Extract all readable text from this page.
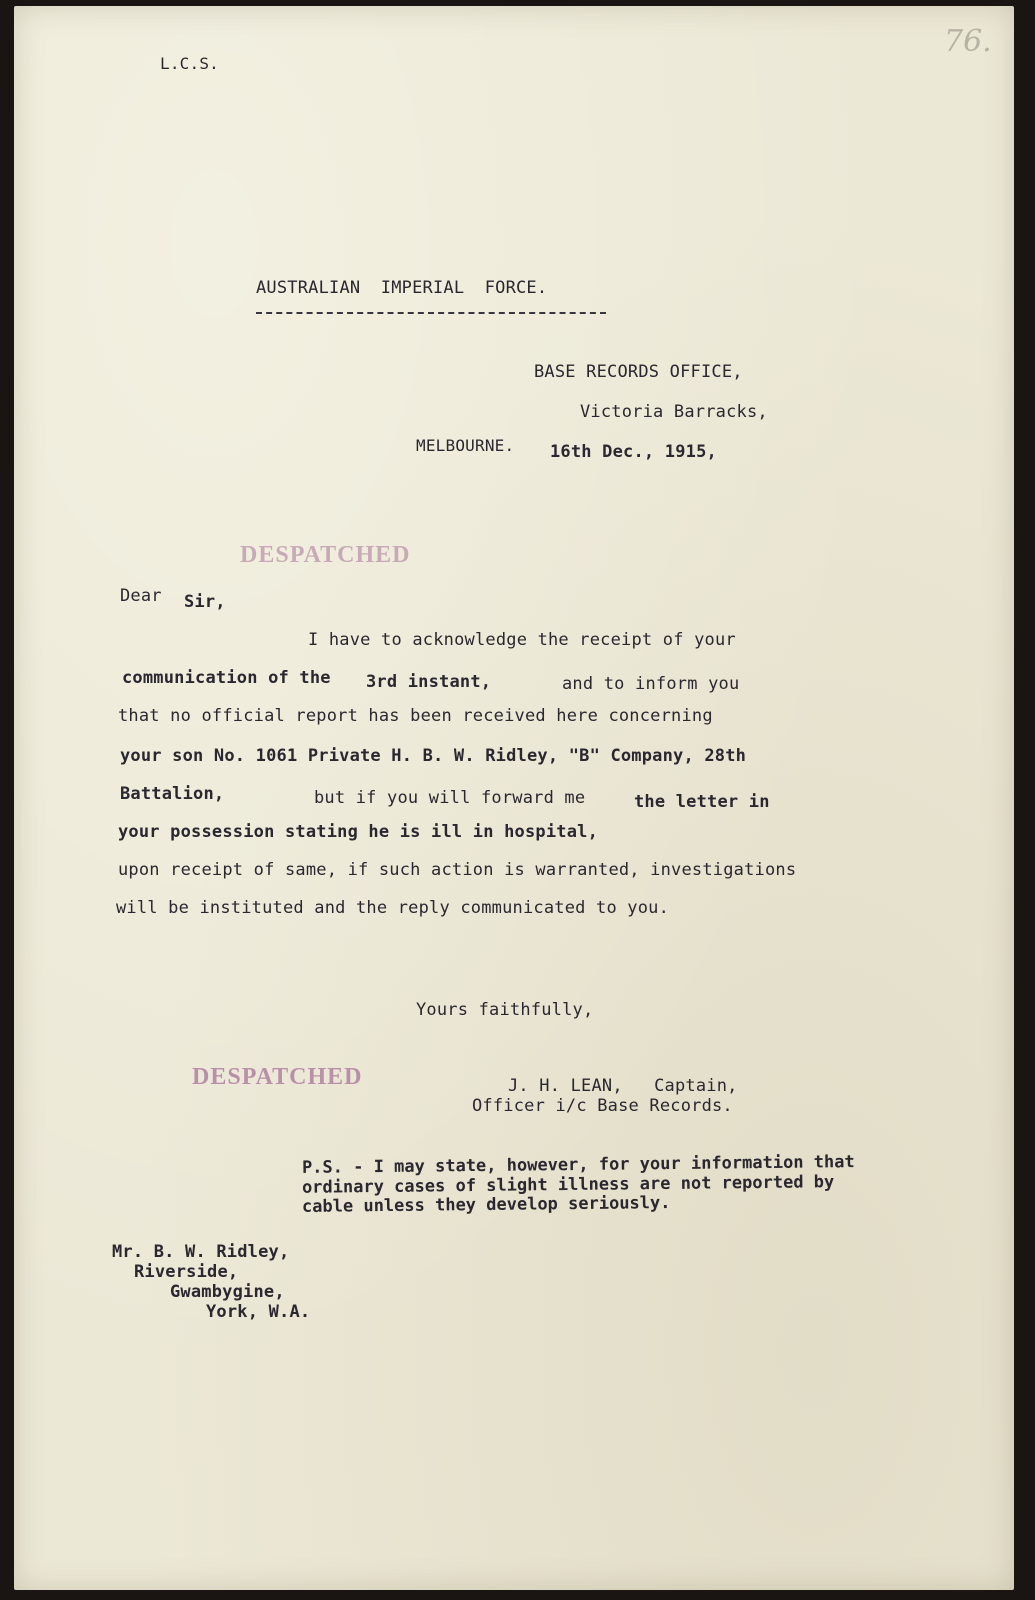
76.
L.C.S.
AUSTRALIAN IMPERIAL FORCE.
BASE RECORDS OFFICE,
Victoria Barracks,
MELBOURNE. 16th Dec., 1915,
DESPATCHED
Dear Sir,
I have to acknowledge the receipt of your
communication of the 3rd instant,	and to inform you
that no official report has been received here concerning
your son No. 1061 Private H. B. W. Ridley, "B" Company, 28th
Battalion,	but if you will forward me	the letter in
your possession stating he is ill in hospital,
upon receipt of same, if such action is warranted, investigations
will be instituted and the reply communicated to you.
Yours faithfully,
DESPATCHED	J. H. LEAN,   Captain,
Officer i/c Base Records.
P.S. - I may state, however, for your information that
ordinary cases of slight illness are not reported by
cable unless they develop seriously.
Mr. B. W. Ridley,
Riverside,
Gwambygine,
York, W.A.
